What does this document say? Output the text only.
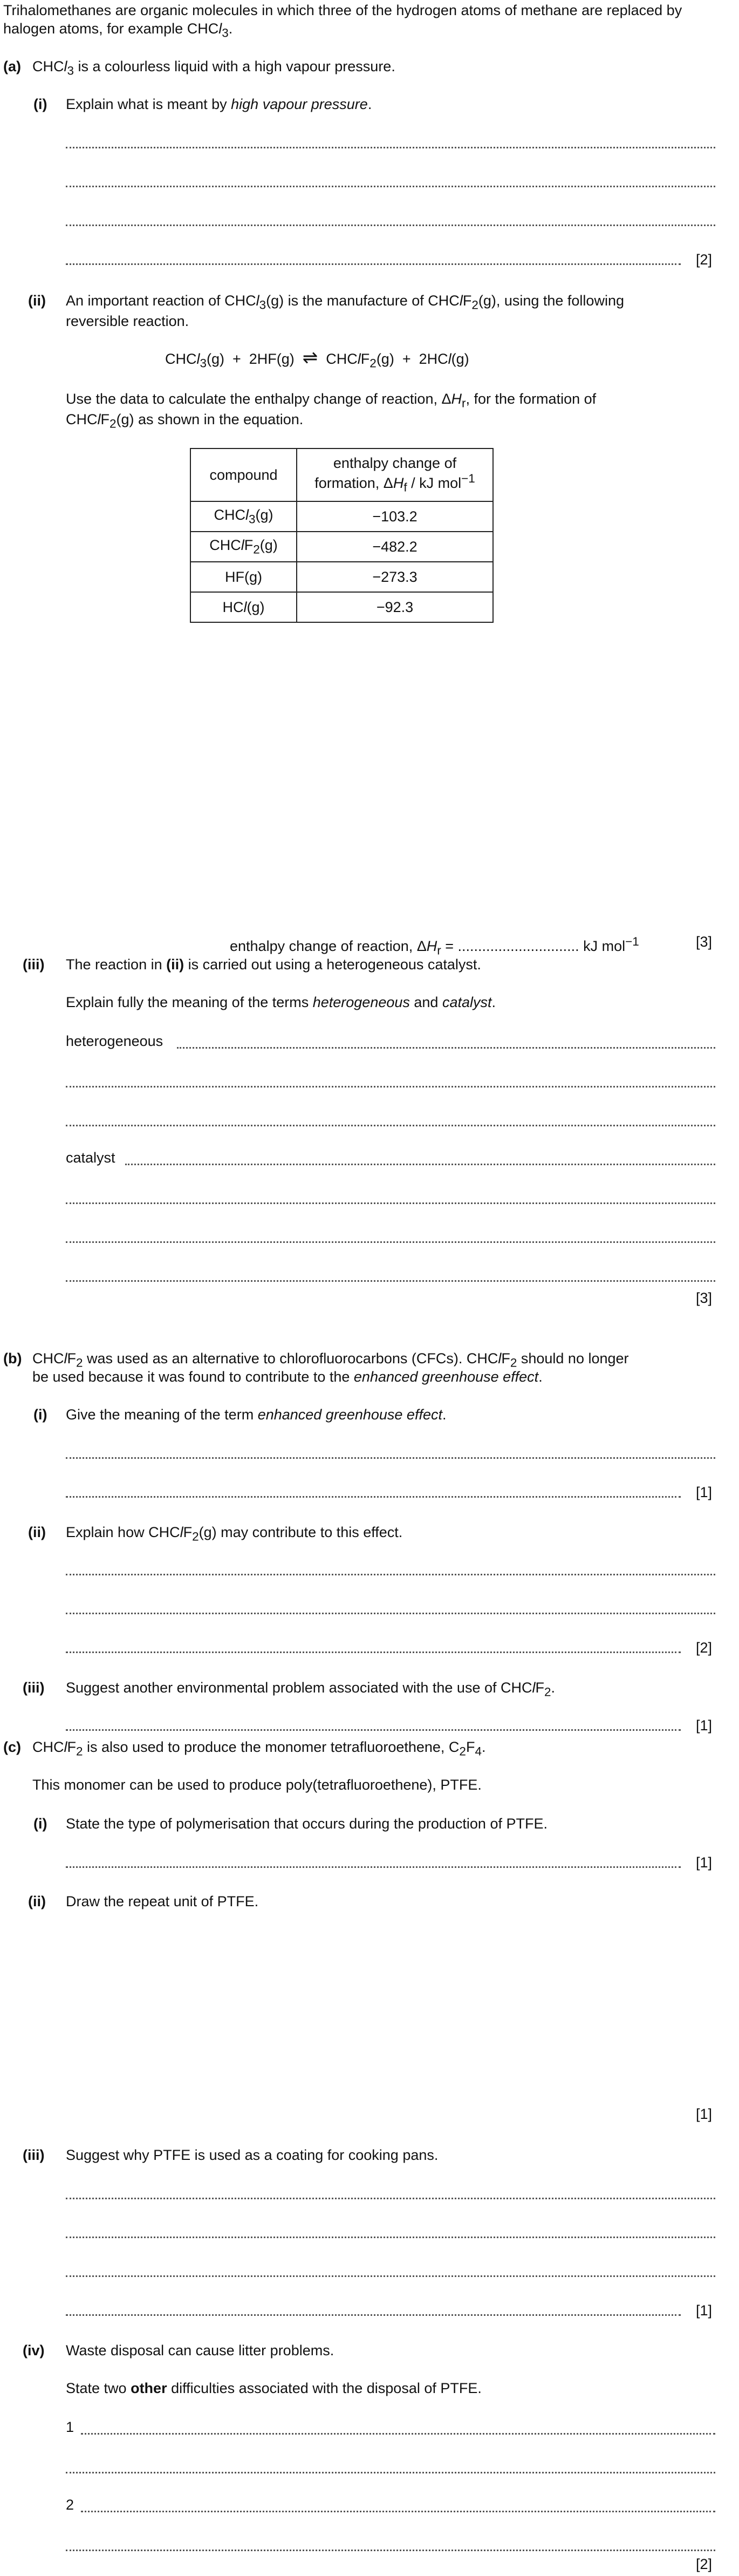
Trihalomethanes are organic molecules in which three of the hydrogen atoms of methane are replaced by halogen atoms, for example CHCl$_3$.
(a) CHCl$_3$ is a colourless liquid with a high vapour pressure.
(i) Explain what is meant by high vapour pressure.
[2]
(ii) An important reaction of CHCl$_3$(g) is the manufacture of CHClF$_2$(g), using the following
reversible reaction.
CHCl$_3$(g)  +  2HF(g)  ⇌  CHClF$_2$(g)  +  2HCl(g)
Use the data to calculate the enthalpy change of reaction, $\Delta H_r$, for the formation of
CHClF$_2$(g) as shown in the equation.
compound	enthalpy change of
formation, $\Delta H_f$ / kJ mol$^{-1}$
CHCl$_3$(g)	−103.2
CHClF$_2$(g)	−482.2
HF(g)	−273.3
HCl(g)	−92.3
enthalpy change of reaction, $\Delta H_r$ = .............................. kJ mol$^{-1}$	[3]
(iii) The reaction in (ii) is carried out using a heterogeneous catalyst.
Explain fully the meaning of the terms heterogeneous and catalyst.
heterogeneous
catalyst
[3]
(b) CHClF$_2$ was used as an alternative to chlorofluorocarbons (CFCs). CHClF$_2$ should no longer
be used because it was found to contribute to the enhanced greenhouse effect.
(i) Give the meaning of the term enhanced greenhouse effect.
[1]
(ii) Explain how CHClF$_2$(g) may contribute to this effect.
[2]
(iii) Suggest another environmental problem associated with the use of CHClF$_2$.
[1]
(c) CHClF$_2$ is also used to produce the monomer tetrafluoroethene, $C_2F_4$.
This monomer can be used to produce poly(tetrafluoroethene), PTFE.
(i) State the type of polymerisation that occurs during the production of PTFE.
[1]
(ii) Draw the repeat unit of PTFE.
[1]
(iii) Suggest why PTFE is used as a coating for cooking pans.
[1]
(iv) Waste disposal can cause litter problems.
State two other difficulties associated with the disposal of PTFE.
1
2
[2]
